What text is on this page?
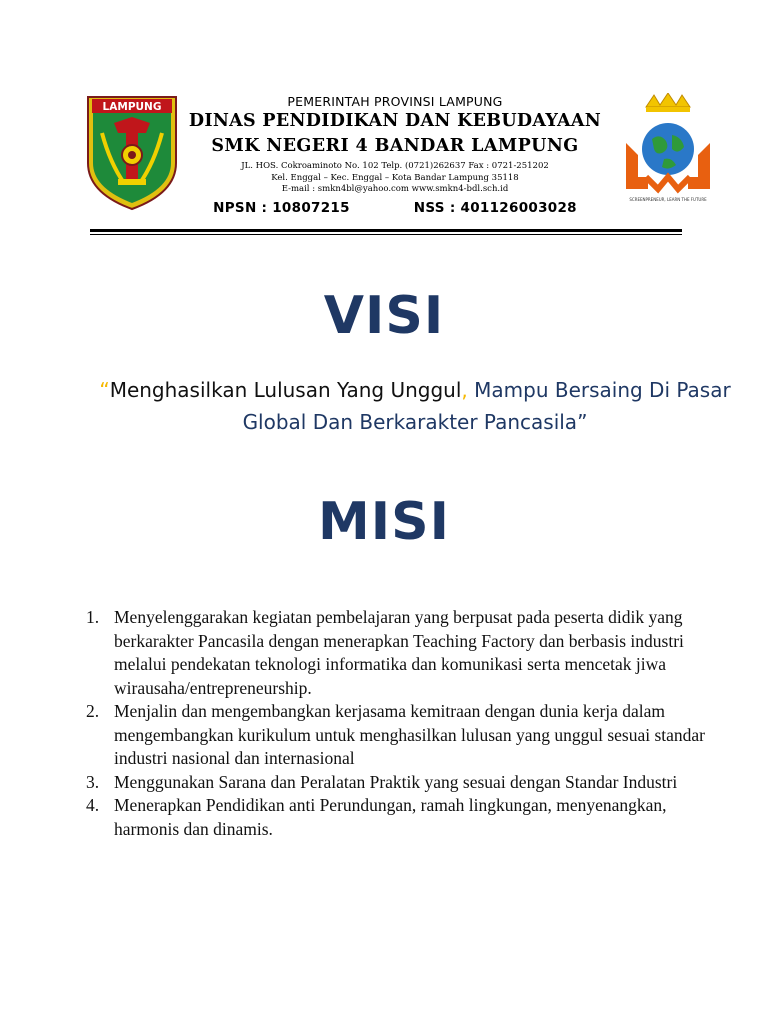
LAMPUNG	PEMERINTAH PROVINSI LAMPUNG
DINAS PENDIDIKAN DAN KEBUDAYAAN
SMK NEGERI 4 BANDAR LAMPUNG
JL. HOS. Cokroaminoto No. 102 Telp. (0721)262637 Fax : 0721-251202
Kel. Enggal – Kec. Enggal – Kota Bandar Lampung 35118
E-mail : smkn4bl@yahoo.com www.smkn4-bdl.sch.id
NPSN : 10807215	NSS : 401126003028	SCREENPRENEUR, LEARN THE FUTURE
VISI
“Menghasilkan Lulusan Yang Unggul, Mampu Bersaing Di Pasar Global Dan Berkarakter Pancasila”
MISI
1. Menyelenggarakan kegiatan pembelajaran yang berpusat pada peserta didik yang berkarakter Pancasila dengan menerapkan Teaching Factory dan berbasis industri melalui pendekatan teknologi informatika dan komunikasi serta mencetak jiwa wirausaha/entrepreneurship.
2. Menjalin dan mengembangkan kerjasama kemitraan dengan dunia kerja dalam mengembangkan kurikulum untuk menghasilkan lulusan yang unggul sesuai standar industri nasional dan internasional
3. Menggunakan Sarana dan Peralatan Praktik yang sesuai dengan Standar Industri
4. Menerapkan Pendidikan anti Perundungan, ramah lingkungan, menyenangkan, harmonis dan dinamis.
